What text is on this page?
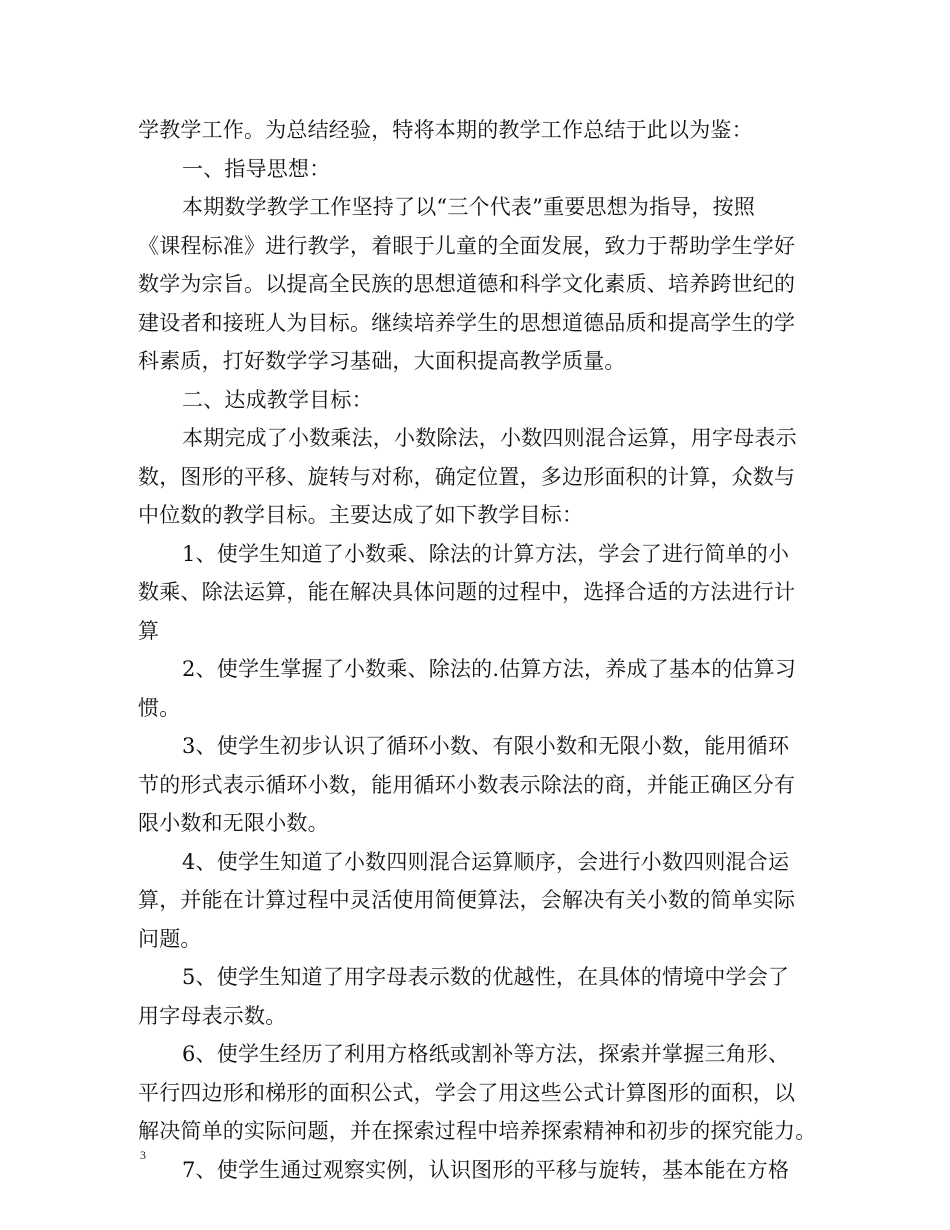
学教学工作。为总结经验，特将本期的教学工作总结于此以为鉴：
一、指导思想：
本期数学教学工作坚持了以“三个代表”重要思想为指导，按照
《课程标准》进行教学，着眼于儿童的全面发展，致力于帮助学生学好
数学为宗旨。以提高全民族的思想道德和科学文化素质、培养跨世纪的
建设者和接班人为目标。继续培养学生的思想道德品质和提高学生的学
科素质，打好数学学习基础，大面积提高教学质量。
二、达成教学目标：
本期完成了小数乘法，小数除法，小数四则混合运算，用字母表示
数，图形的平移、旋转与对称，确定位置，多边形面积的计算，众数与
中位数的教学目标。主要达成了如下教学目标：
1、使学生知道了小数乘、除法的计算方法，学会了进行简单的小
数乘、除法运算，能在解决具体问题的过程中，选择合适的方法进行计
算
2、使学生掌握了小数乘、除法的.估算方法，养成了基本的估算习
惯。
3、使学生初步认识了循环小数、有限小数和无限小数，能用循环
节的形式表示循环小数，能用循环小数表示除法的商，并能正确区分有
限小数和无限小数。
4、使学生知道了小数四则混合运算顺序，会进行小数四则混合运
算，并能在计算过程中灵活使用简便算法，会解决有关小数的简单实际
问题。
5、使学生知道了用字母表示数的优越性，在具体的情境中学会了
用字母表示数。
6、使学生经历了利用方格纸或割补等方法，探索并掌握三角形、
平行四边形和梯形的面积公式，学会了用这些公式计算图形的面积，以
解决简单的实际问题，并在探索过程中培养探索精神和初步的探究能力。
7、使学生通过观察实例，认识图形的平移与旋转，基本能在方格
3
